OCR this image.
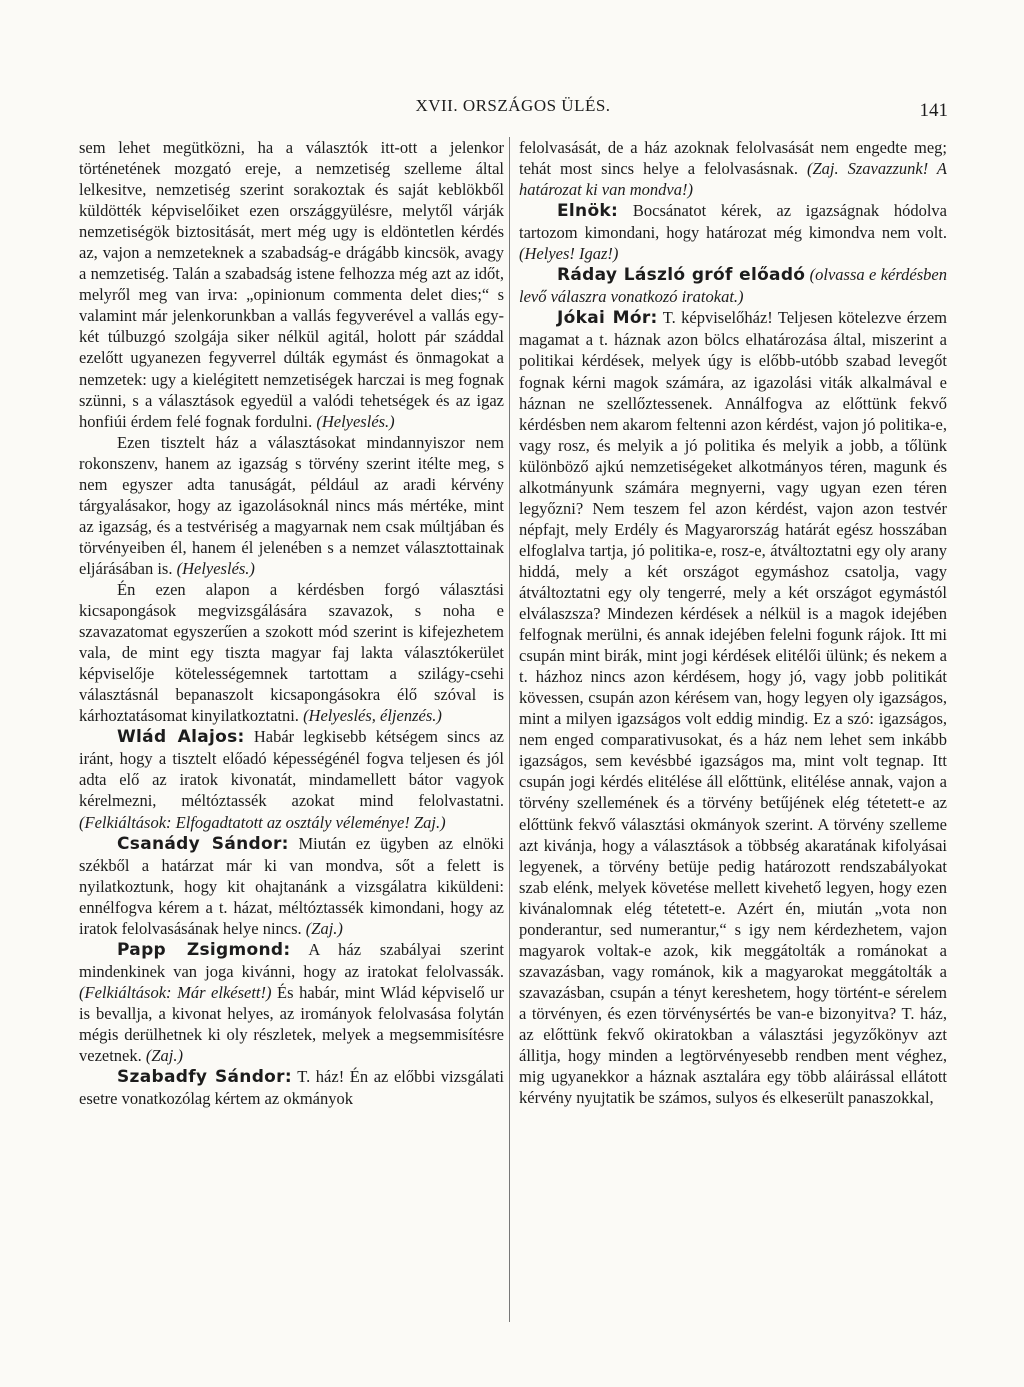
XVII. ORSZÁGOS ÜLÉS.	141

sem lehet megütközni, ha a választók itt-ott a jelenkor történetének mozgató ereje, a nemzetiség szelleme által lelkesitve, nemzetiség szerint sorakoztak és saját keblökből küldötték képviselőiket ezen országgyülésre, melytől várják nemzetiségök biztositását, mert még ugy is eldöntetlen kérdés az, vajon a nemzeteknek a szabadság-e drágább kincsök, avagy a nemzetiség. Talán a szabadság istene felhozza még azt az időt, melyről meg van irva: „opinionum commenta delet dies;“ s valamint már jelenkorunkban a vallás fegyverével a vallás egy-két túlbuzgó szolgája siker nélkül agitál, holott pár száddal ezelőtt ugyanezen fegyverrel dúlták egymást és önmagokat a nemzetek: ugy a kielégitett nemzetiségek harczai is meg fognak szünni, s a választások egyedül a valódi tehetségek és az igaz honfiúi érdem felé fognak fordulni. (Helyeslés.)

Ezen tisztelt ház a választásokat mindannyiszor nem rokonszenv, hanem az igazság s törvény szerint itélte meg, s nem egyszer adta tanuságát, például az aradi kérvény tárgyalásakor, hogy az igazolásoknál nincs más mértéke, mint az igazság, és a testvériség a magyarnak nem csak múltjában és törvényeiben él, hanem él jelenében s a nemzet választottainak eljárásában is. (Helyeslés.)

Én ezen alapon a kérdésben forgó választási kicsapongások megvizsgálására szavazok, s noha e szavazatomat egyszerűen a szokott mód szerint is kifejezhetem vala, de mint egy tiszta magyar faj lakta választókerület képviselője kötelességemnek tartottam a szilágy-csehi választásnál bepanaszolt kicsapongásokra élő szóval is kárhoztatásomat kinyilatkoztatni. (Helyeslés, éljenzés.)

Wlád Alajos: Habár legkisebb kétségem sincs az iránt, hogy a tisztelt előadó képességénél fogva teljesen és jól adta elő az iratok kivonatát, mindamellett bátor vagyok kérelmezni, méltóztassék azokat mind felolvastatni. (Felkiáltások: Elfogadtatott az osztály véleménye! Zaj.)

Csanády Sándor: Miután ez ügyben az elnöki székből a határzat már ki van mondva, sőt a felett is nyilatkoztunk, hogy kit ohajtanánk a vizsgálatra kiküldeni: ennélfogva kérem a t. házat, méltóztassék kimondani, hogy az iratok felolvasásának helye nincs. (Zaj.)

Papp Zsigmond: A ház szabályai szerint mindenkinek van joga kivánni, hogy az iratokat felolvassák. (Felkiáltások: Már elkésett!) És habár, mint Wlád képviselő ur is bevallja, a kivonat helyes, az irományok felolvasása folytán mégis derülhetnek ki oly részletek, melyek a megsemmisítésre vezetnek. (Zaj.)

Szabadfy Sándor: T. ház! Én az előbbi vizsgálati esetre vonatkozólag kértem az okmányok

felolvasását, de a ház azoknak felolvasását nem engedte meg; tehát most sincs helye a felolvasásnak. (Zaj. Szavazzunk! A határozat ki van mondva!)

Elnök: Bocsánatot kérek, az igazságnak hódolva tartozom kimondani, hogy határozat még kimondva nem volt. (Helyes! Igaz!)

Ráday László gróf előadó (olvassa e kérdésben levő válaszra vonatkozó iratokat.)

Jókai Mór: T. képviselőház! Teljesen kötelezve érzem magamat a t. háznak azon bölcs elhatározása által, miszerint a politikai kérdések, melyek úgy is előbb-utóbb szabad levegőt fognak kérni magok számára, az igazolási viták alkalmával e háznan ne szellőztessenek. Annálfogva az előttünk fekvő kérdésben nem akarom feltenni azon kérdést, vajon jó politika-e, vagy rosz, és melyik a jó politika és melyik a jobb, a tőlünk különböző ajkú nemzetiségeket alkotmányos téren, magunk és alkotmányunk számára megnyerni, vagy ugyan ezen téren legyőzni? Nem teszem fel azon kérdést, vajon azon testvér népfajt, mely Erdély és Magyarország határát egész hosszában elfoglalva tartja, jó politika-e, rosz-e, átváltoztatni egy oly arany hiddá, mely a két országot egymáshoz csatolja, vagy átváltoztatni egy oly tengerré, mely a két országot egymástól elválaszsza? Mindezen kérdések a nélkül is a magok idejében felfognak merülni, és annak idejében felelni fogunk rájok. Itt mi csupán mint birák, mint jogi kérdések elitélői ülünk; és nekem a t. házhoz nincs azon kérdésem, hogy jó, vagy jobb politikát kövessen, csupán azon kérésem van, hogy legyen oly igazságos, mint a milyen igazságos volt eddig mindig. Ez a szó: igazságos, nem enged comparativusokat, és a ház nem lehet sem inkább igazságos, sem kevésbbé igazságos ma, mint volt tegnap. Itt csupán jogi kérdés elitélése áll előttünk, elitélése annak, vajon a törvény szellemének és a törvény betűjének elég tétetett-e az előttünk fekvő választási okmányok szerint. A törvény szelleme azt kivánja, hogy a választások a többség akaratának kifolyásai legyenek, a törvény betüje pedig határozott rendszabályokat szab elénk, melyek követése mellett kivehető legyen, hogy ezen kivánalomnak elég tétetett-e. Azért én, miután „vota non ponderantur, sed numerantur,“ s igy nem kérdezhetem, vajon magyarok voltak-e azok, kik meggátolták a románokat a szavazásban, vagy románok, kik a magyarokat meggátolták a szavazásban, csupán a tényt kereshetem, hogy történt-e sérelem a törvényen, és ezen törvénysértés be van-e bizonyitva? T. ház, az előttünk fekvő okiratokban a választási jegyzőkönyv azt állitja, hogy minden a legtörvényesebb rendben ment véghez, mig ugyanekkor a háznak asztalára egy több aláirással ellátott kérvény nyujtatik be számos, sulyos és elkeserült panaszokkal,
